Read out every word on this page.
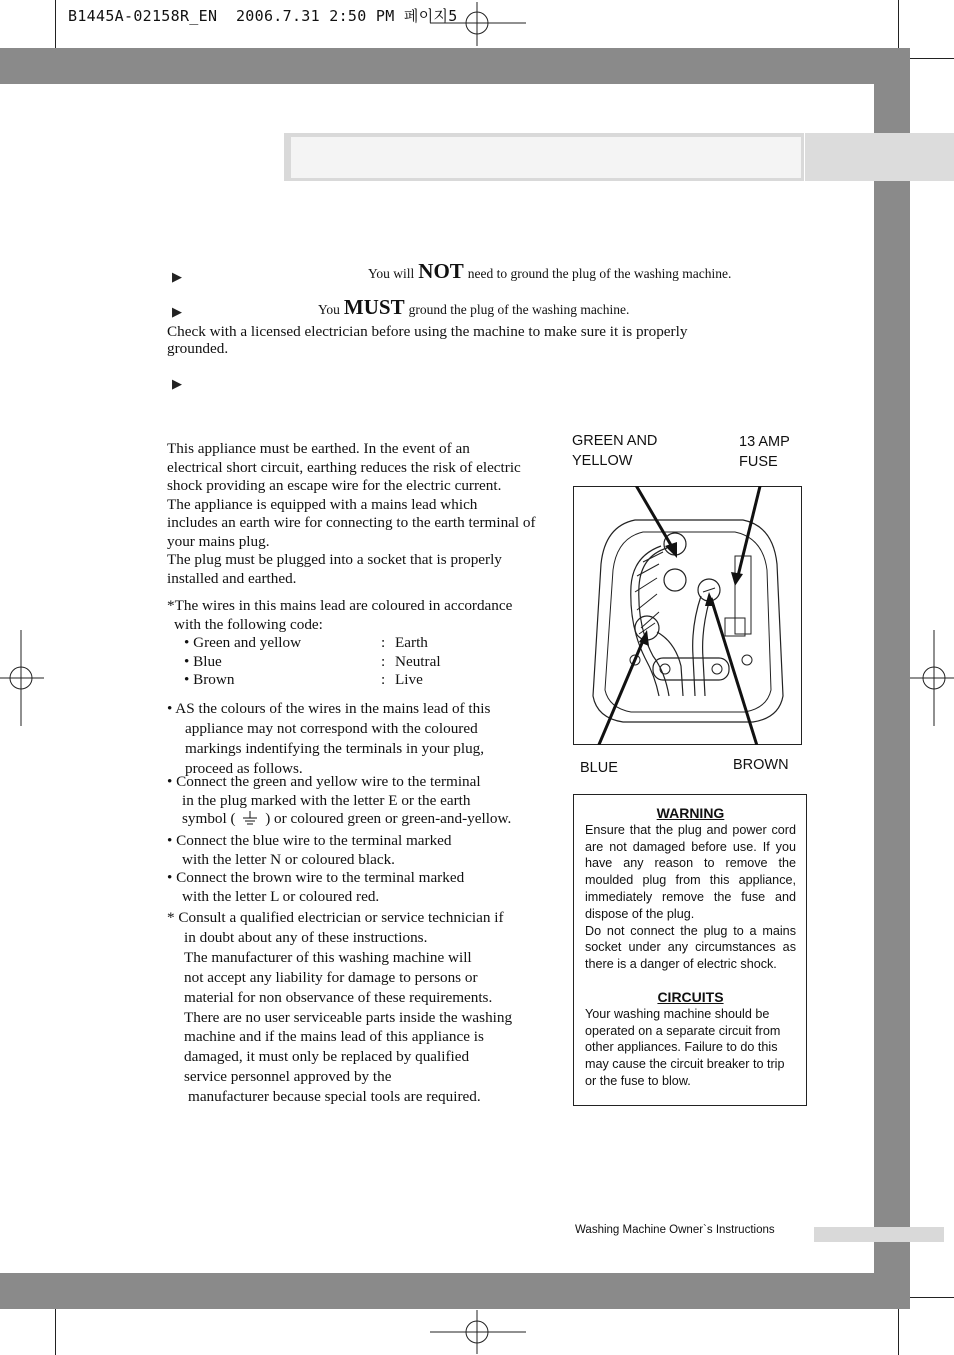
B1445A-02158R_EN  2006.7.31 2:50 PM 페이지5
▶	You will NOT need to ground the plug of the washing machine.
▶	You MUST ground the plug of the washing machine.
Check with a licensed electrician before using the machine to make sure it is properly
grounded.
▶
This appliance must be earthed. In the event of an
electrical short circuit, earthing reduces the risk of electric
shock providing an escape wire for the electric current.
The appliance is equipped with a mains lead which
includes an earth wire for connecting to the earth terminal of
your mains plug.
The plug must be plugged into a socket that is properly
installed and earthed.
*The wires in this mains lead are coloured in accordance
with the following code:
• Green and yellow	: Earth
• Blue	: Neutral
• Brown	: Live
• AS the colours of the wires in the mains lead of this
appliance may not correspond with the coloured
markings indentifying the terminals in your plug,
proceed as follows.
• Connect the green and yellow wire to the terminal
in the plug marked with the letter E or the earth
symbol ( ) or coloured green or green-and-yellow.
• Connect the blue wire to the terminal marked
with the letter N or coloured black.
• Connect the brown wire to the terminal marked
with the letter L or coloured red.
* Consult a qualified electrician or service technician if
in doubt about any of these instructions.
The manufacturer of this washing machine will
not accept any liability for damage to persons or
material for non observance of these requirements.
There are no user serviceable parts inside the washing
machine and if the mains lead of this appliance is
damaged, it must only be replaced by qualified
service personnel approved by the
manufacturer because special tools are required.
GREEN AND
YELLOW
13 AMP
FUSE
BLUE	BROWN
WARNING
Ensure that the plug and power cord are not damaged before use. If you have any reason to remove the moulded plug from this appliance, immediately remove the fuse and dispose of the plug.
Do not connect the plug to a mains socket under any circumstances as there is a danger of electric shock.
CIRCUITS
Your washing machine should be operated on a separate circuit from other appliances. Failure to do this may cause the circuit breaker to trip or the fuse to blow.
Washing Machine Owner`s Instructions
